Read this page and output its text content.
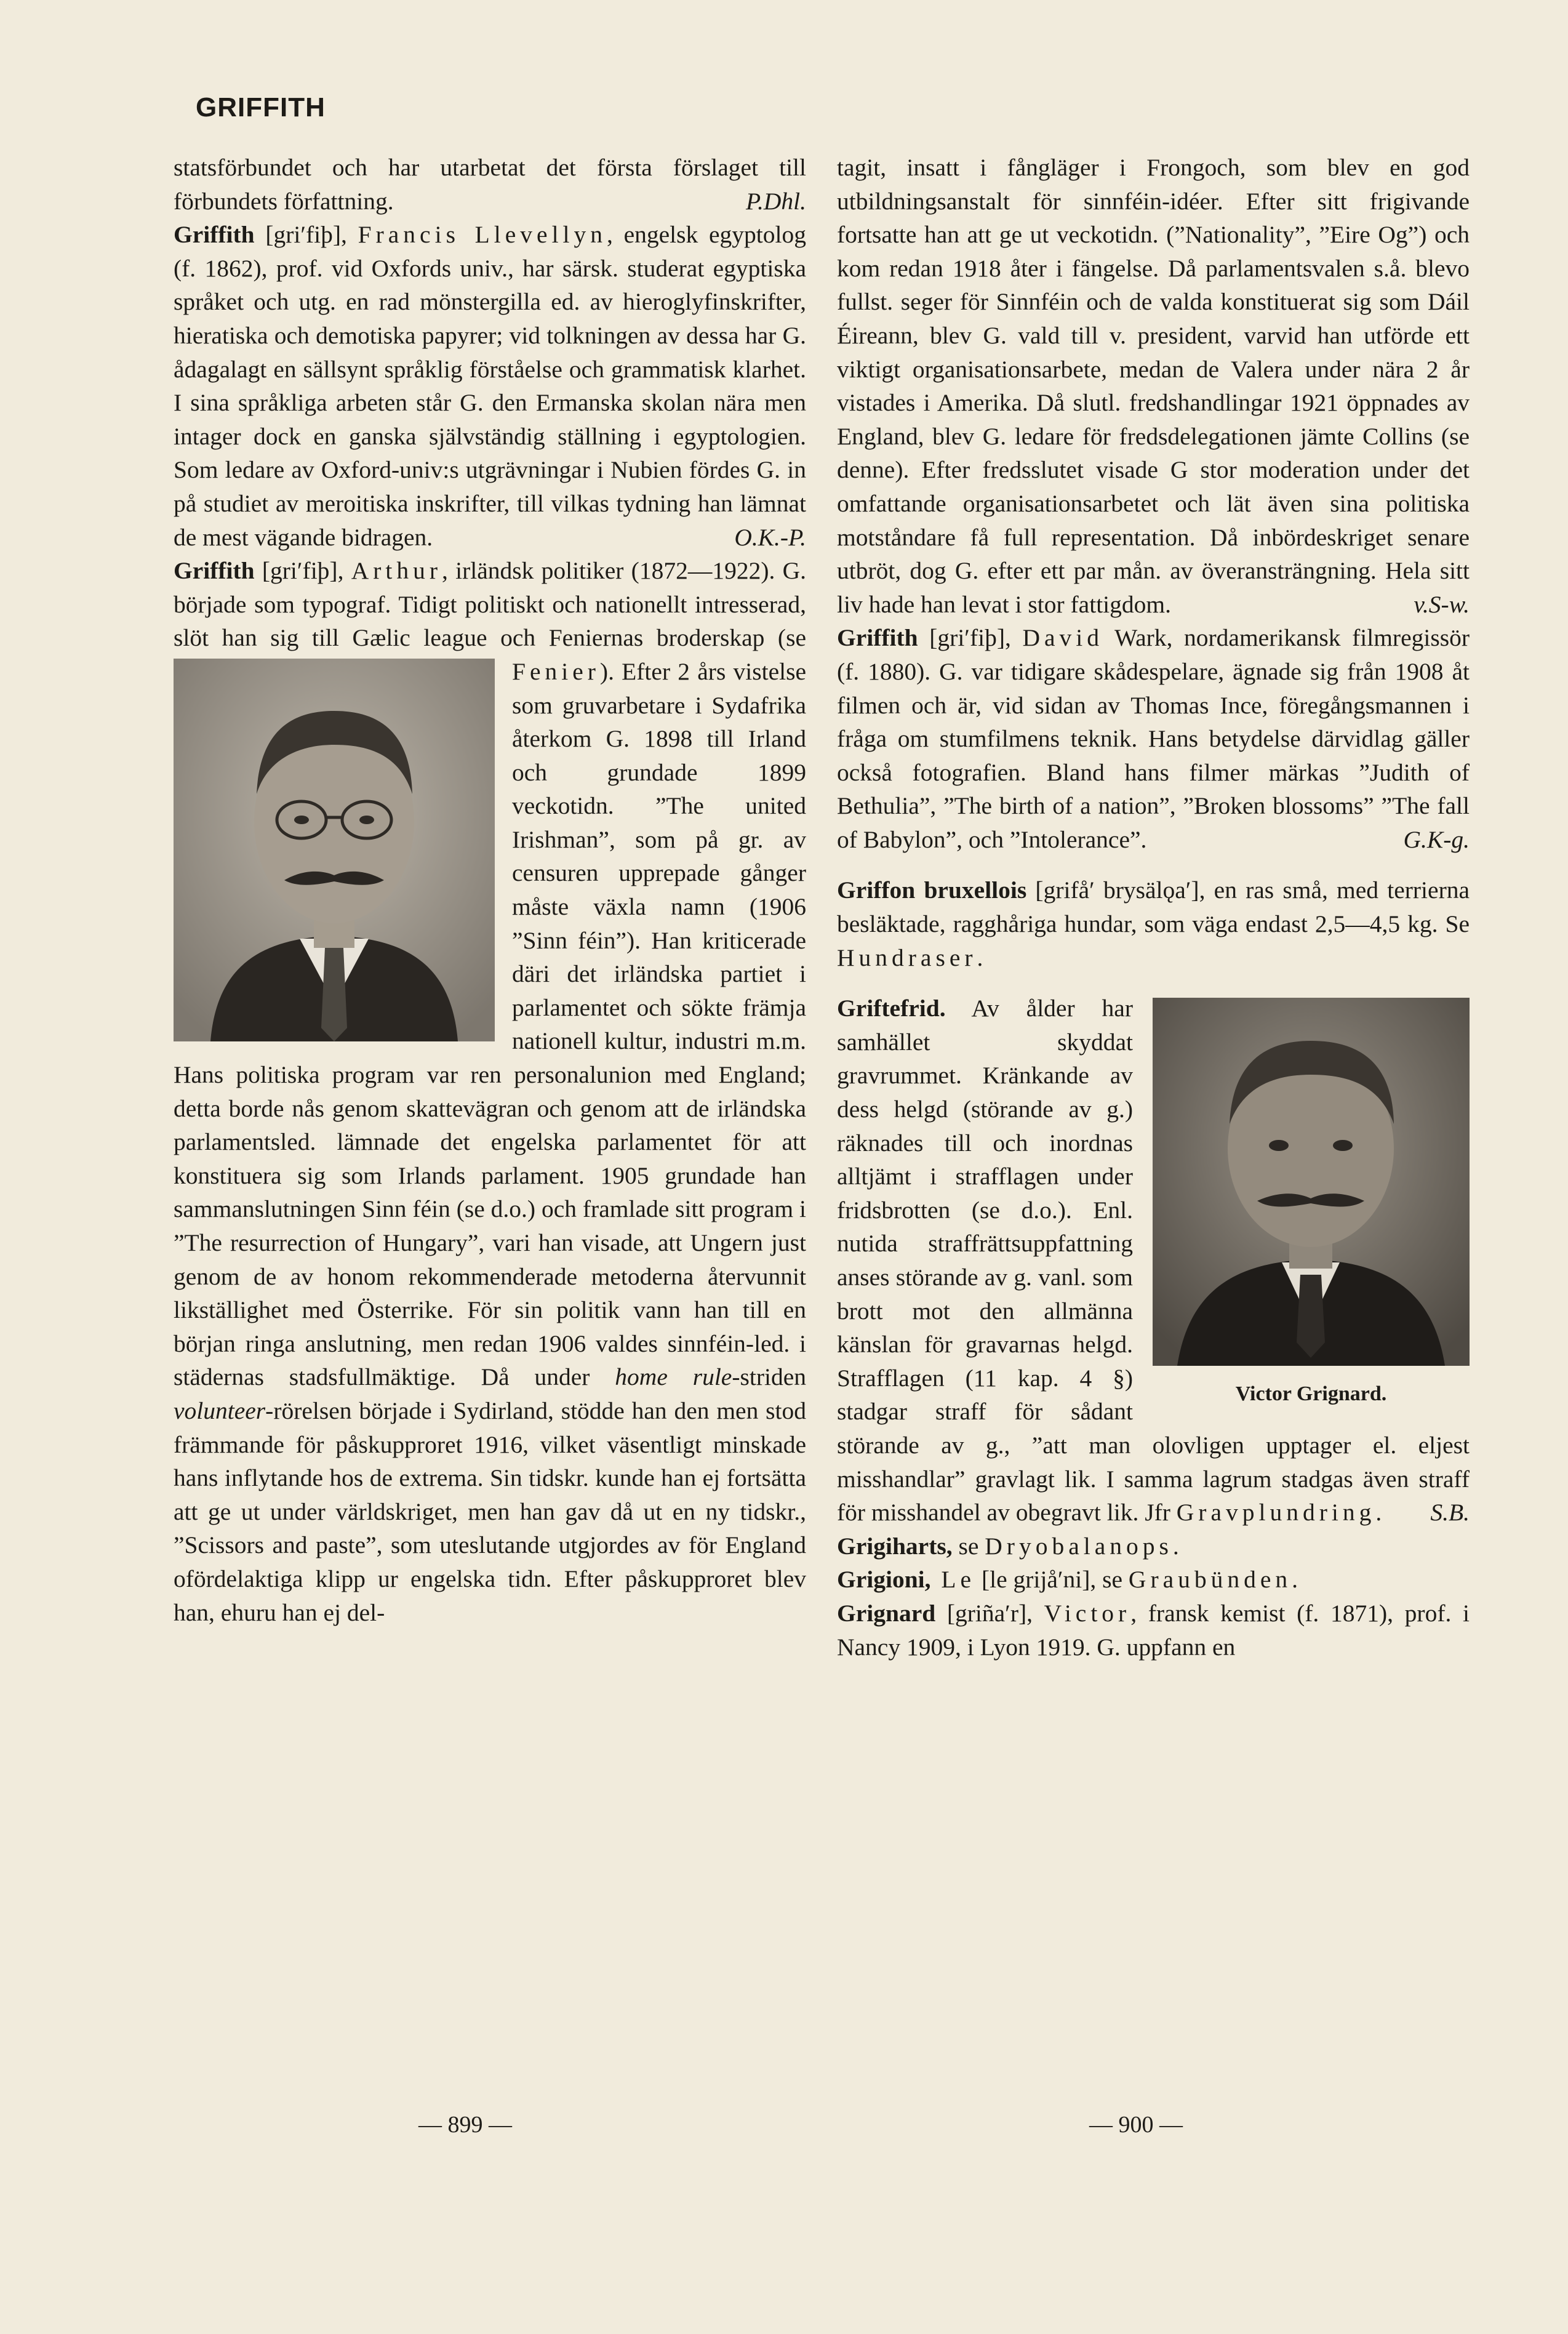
GRIFFITH

statsförbundet och har utarbetat det första förslaget till förbundets författning.	P.Dhl.

Griffith [gri′fiþ], Francis Llevellyn, engelsk egyptolog (f. 1862), prof. vid Oxfords univ., har särsk. studerat egyptiska språket och utg. en rad mönstergilla ed. av hieroglyfinskrifter, hieratiska och demotiska papyrer; vid tolkningen av dessa har G. ådagalagt en sällsynt språklig förståelse och grammatisk klarhet. I sina språkliga arbeten står G. den Ermanska skolan nära men intager dock en ganska självständig ställning i egyptologien. Som ledare av Oxford-univ:s utgrävningar i Nubien fördes G. in på studiet av meroitiska inskrifter, till vilkas tydning han lämnat de mest vägande bidragen.	O.K.-P.

Griffith [gri′fiþ], Arthur, irländsk politiker (1872—1922). G. började som typograf. Tidigt politiskt och nationellt intresserad, slöt han sig till Gælic league och Feniernas broderskap (se
Fenier). Efter 2 års vistelse som gruvarbetare i Sydafrika återkom G. 1898 till Irland och grundade 1899 veckotidn. ”The united Irishman”, som på gr. av censuren upprepade gånger måste växla namn (1906 ”Sinn féin”). Han kriticerade däri det irländska partiet i parlamentet och sökte främja nationell kultur, industri m.m. Hans politiska program var ren personalunion med England; detta borde nås genom skattevägran och genom att de irländska parlamentsled. lämnade det engelska parlamentet för att konstituera sig som Irlands parlament. 1905 grundade han sammanslutningen Sinn féin (se d.o.) och framlade sitt program i ”The resurrection of Hungary”, vari han visade, att Ungern just genom de av honom rekommenderade metoderna återvunnit likställighet med Österrike. För sin politik vann han till en början ringa anslutning, men redan 1906 valdes sinnféin-led. i städernas stadsfullmäktige. Då under home rule-striden volunteer-rörelsen började i Sydirland, stödde han den men stod främmande för påskupproret 1916, vilket väsentligt minskade hans inflytande hos de extrema. Sin tidskr. kunde han ej fortsätta att ge ut under världskriget, men han gav då ut en ny tidskr., ”Scissors and paste”, som uteslutande utgjordes av för England ofördelaktiga klipp ur engelska tidn. Efter påskupproret blev han, ehuru han ej del-

tagit, insatt i fångläger i Frongoch, som blev en god utbildningsanstalt för sinnféin-idéer. Efter sitt frigivande fortsatte han att ge ut veckotidn. (”Nationality”, ”Eire Og”) och kom redan 1918 åter i fängelse. Då parlamentsvalen s.å. blevo fullst. seger för Sinnféin och de valda konstituerat sig som Dáil Éireann, blev G. vald till v. president, varvid han utförde ett viktigt organisationsarbete, medan de Valera under nära 2 år vistades i Amerika. Då slutl. fredshandlingar 1921 öppnades av England, blev G. ledare för fredsdelegationen jämte Collins (se denne). Efter fredsslutet visade G stor moderation under det omfattande organisationsarbetet och lät även sina politiska motståndare få full representation. Då inbördeskriget senare utbröt, dog G. efter ett par mån. av överansträngning. Hela sitt liv hade han levat i stor fattigdom.	v.S-w.

Griffith [gri′fiþ], David Wark, nordamerikansk filmregissör (f. 1880). G. var tidigare skådespelare, ägnade sig från 1908 åt filmen och är, vid sidan av Thomas Ince, föregångsmannen i fråga om stumfilmens teknik. Hans betydelse därvidlag gäller också fotografien. Bland hans filmer märkas ”Judith of Bethulia”, ”The birth of a nation”, ”Broken blossoms” ”The fall of Babylon”, och ”Intolerance”.	G.K-g.

Griffon bruxellois [grifå′ brysälǫa′], en ras små, med terrierna besläktade, ragghåriga hundar, som väga endast 2,5—4,5 kg. Se Hundraser.

Griftefrid.
Victor Grignard.
Av ålder har samhället skyddat gravrummet. Kränkande av dess helgd (störande av g.) räknades till och inordnas alltjämt i strafflagen under fridsbrotten (se d.o.). Enl. nutida straffrättsuppfattning anses störande av g. vanl. som brott mot den allmänna känslan för gravarnas helgd. Strafflagen (11 kap. 4 §) stadgar straff för sådant störande av g., ”att man olovligen upptager el. eljest misshandlar” gravlagt lik. I samma lagrum stadgas även straff för misshandel av obegravt lik. Jfr Gravplundring. S.B.

Grigiharts, se Dryobalanops.

Grigioni, Le [le grijå′ni], se Graubünden.

Grignard [griña′r], Victor, fransk kemist (f. 1871), prof. i Nancy 1909, i Lyon 1919. G. uppfann en

— 899 —	— 900 —
